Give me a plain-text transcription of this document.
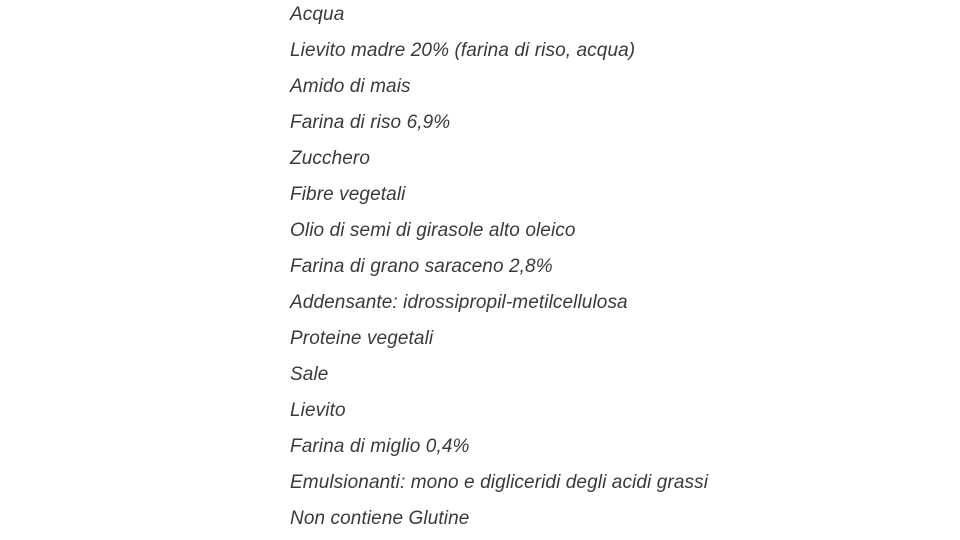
Acqua
Lievito madre 20% (farina di riso, acqua)
Amido di mais
Farina di riso 6,9%
Zucchero
Fibre vegetali
Olio di semi di girasole alto oleico
Farina di grano saraceno 2,8%
Addensante: idrossipropil-metilcellulosa
Proteine vegetali
Sale
Lievito
Farina di miglio 0,4%
Emulsionanti: mono e digliceridi degli acidi grassi
Non contiene Glutine
